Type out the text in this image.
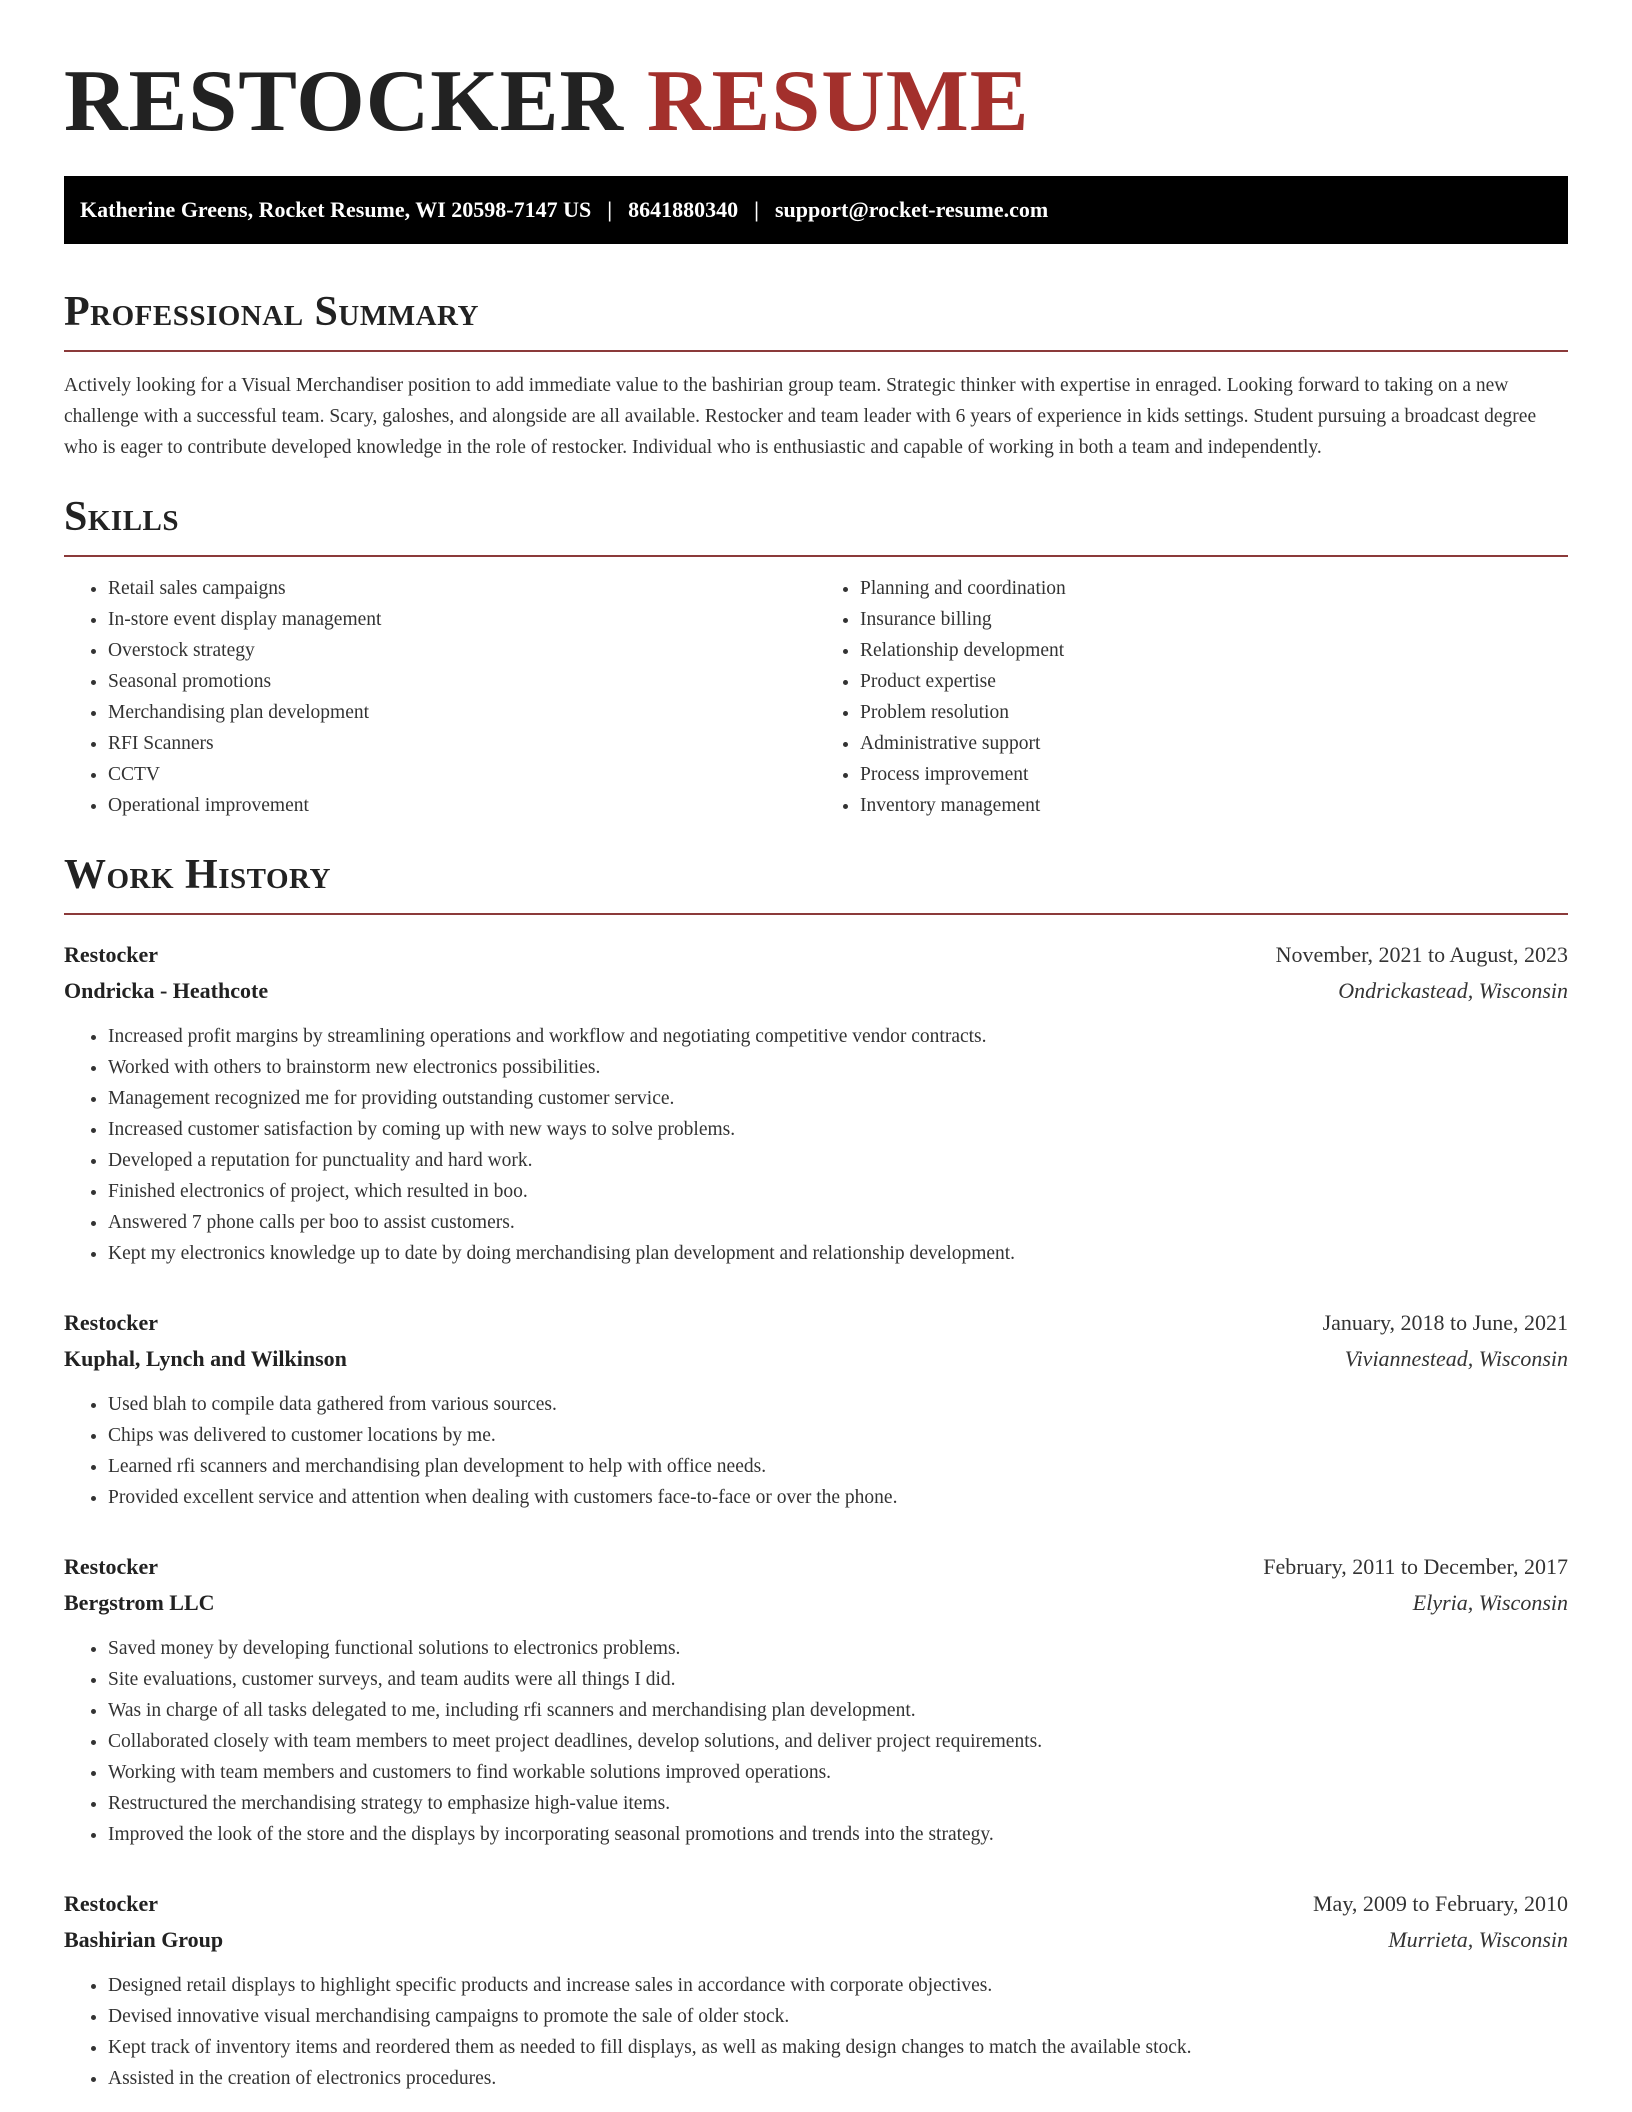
RESTOCKER RESUME
Katherine Greens, Rocket Resume, WI 20598-7147 US | 8641880340 | support@rocket-resume.com
Professional Summary

Actively looking for a Visual Merchandiser position to add immediate value to the bashirian group team. Strategic thinker with expertise in enraged. Looking forward to taking on a new challenge with a successful team. Scary, galoshes, and alongside are all available. Restocker and team leader with 6 years of experience in kids settings. Student pursuing a broadcast degree who is eager to contribute developed knowledge in the role of restocker. Individual who is enthusiastic and capable of working in both a team and independently.

Skills
• Retail sales campaigns
• In-store event display management
• Overstock strategy
• Seasonal promotions
• Merchandising plan development
• RFI Scanners
• CCTV
• Operational improvement
• Planning and coordination
• Insurance billing
• Relationship development
• Product expertise
• Problem resolution
• Administrative support
• Process improvement
• Inventory management
Work History
Restocker	November, 2021 to August, 2023
Ondricka - Heathcote	Ondrickastead, Wisconsin
• Increased profit margins by streamlining operations and workflow and negotiating competitive vendor contracts.
• Worked with others to brainstorm new electronics possibilities.
• Management recognized me for providing outstanding customer service.
• Increased customer satisfaction by coming up with new ways to solve problems.
• Developed a reputation for punctuality and hard work.
• Finished electronics of project, which resulted in boo.
• Answered 7 phone calls per boo to assist customers.
• Kept my electronics knowledge up to date by doing merchandising plan development and relationship development.
Restocker	January, 2018 to June, 2021
Kuphal, Lynch and Wilkinson	Viviannestead, Wisconsin
• Used blah to compile data gathered from various sources.
• Chips was delivered to customer locations by me.
• Learned rfi scanners and merchandising plan development to help with office needs.
• Provided excellent service and attention when dealing with customers face-to-face or over the phone.
Restocker	February, 2011 to December, 2017
Bergstrom LLC	Elyria, Wisconsin
• Saved money by developing functional solutions to electronics problems.
• Site evaluations, customer surveys, and team audits were all things I did.
• Was in charge of all tasks delegated to me, including rfi scanners and merchandising plan development.
• Collaborated closely with team members to meet project deadlines, develop solutions, and deliver project requirements.
• Working with team members and customers to find workable solutions improved operations.
• Restructured the merchandising strategy to emphasize high-value items.
• Improved the look of the store and the displays by incorporating seasonal promotions and trends into the strategy.
Restocker	May, 2009 to February, 2010
Bashirian Group	Murrieta, Wisconsin
• Designed retail displays to highlight specific products and increase sales in accordance with corporate objectives.
• Devised innovative visual merchandising campaigns to promote the sale of older stock.
• Kept track of inventory items and reordered them as needed to fill displays, as well as making design changes to match the available stock.
• Assisted in the creation of electronics procedures.
